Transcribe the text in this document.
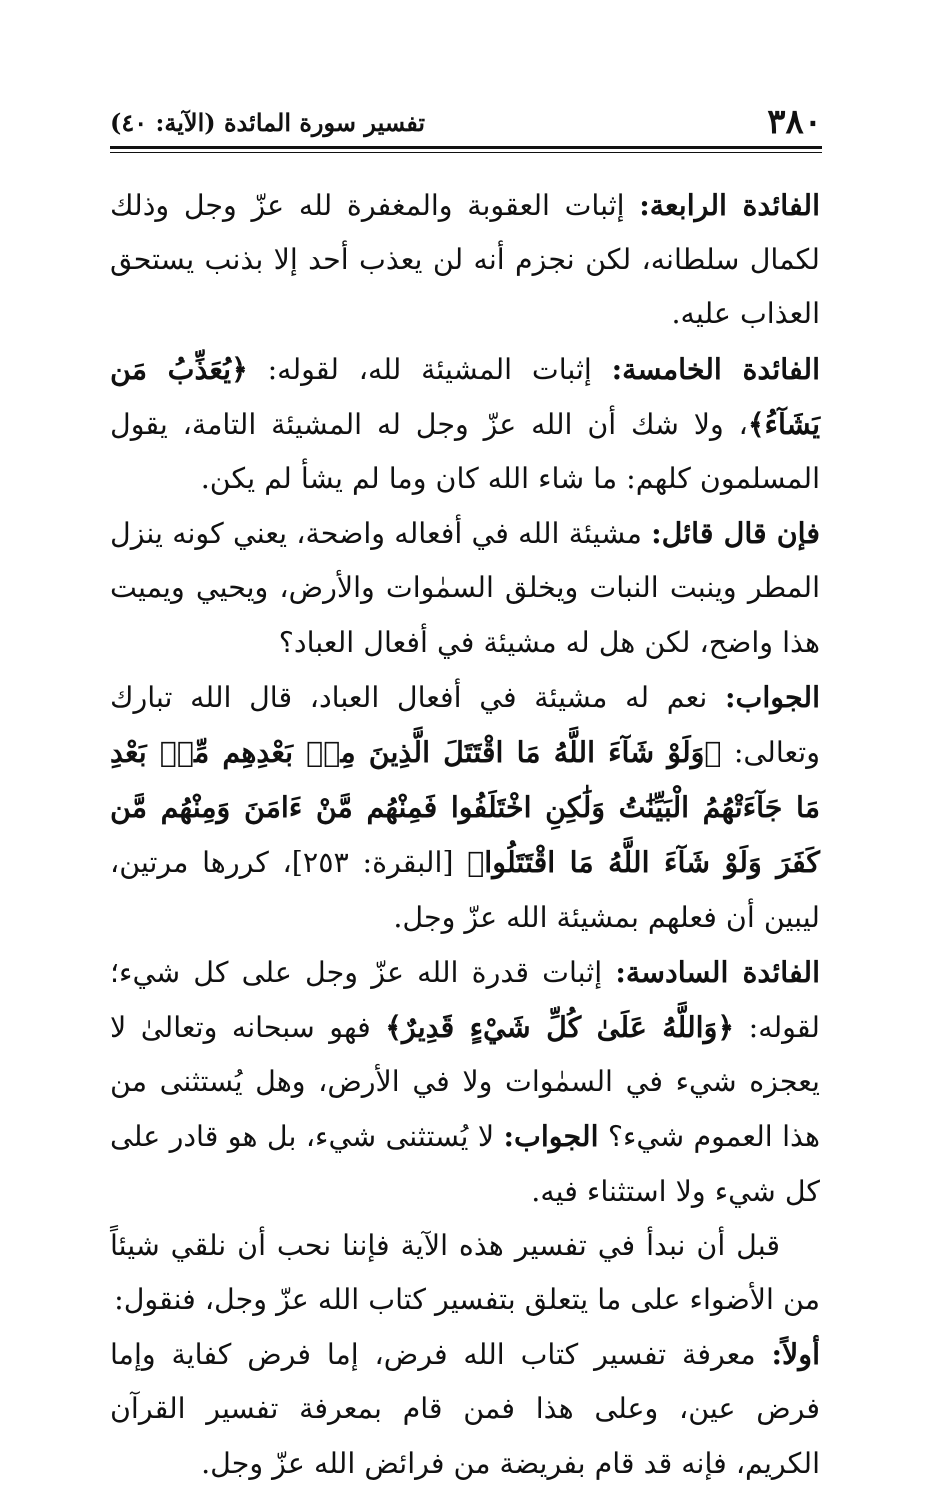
٣٨٠
تفسير سورة المائدة (الآية: ٤٠)

الفائدة الرابعة: إثبات العقوبة والمغفرة لله عزّ وجل وذلك لكمال سلطانه، لكن نجزم أنه لن يعذب أحد إلا بذنب يستحق العذاب عليه.

الفائدة الخامسة: إثبات المشيئة لله، لقوله: ﴿يُعَذِّبُ مَن يَشَآءُ﴾، ولا شك أن الله عزّ وجل له المشيئة التامة، يقول المسلمون كلهم: ما شاء الله كان وما لم يشأ لم يكن.

فإن قال قائل: مشيئة الله في أفعاله واضحة، يعني كونه ينزل المطر وينبت النبات ويخلق السمٰوات والأرض، ويحيي ويميت هذا واضح، لكن هل له مشيئة في أفعال العباد؟

الجواب: نعم له مشيئة في أفعال العباد، قال الله تبارك وتعالى: ﴿وَلَوْ شَآءَ اللَّهُ مَا اقْتَتَلَ الَّذِينَ مِنۢ بَعْدِهِم مِّنۢ بَعْدِ مَا جَآءَتْهُمُ الْبَيِّنَٰتُ وَلَٰكِنِ اخْتَلَفُوا فَمِنْهُم مَّنْ ءَامَنَ وَمِنْهُم مَّن كَفَرَ وَلَوْ شَآءَ اللَّهُ مَا اقْتَتَلُوا﴾ [البقرة: ٢٥٣]، كررها مرتين، ليبين أن فعلهم بمشيئة الله عزّ وجل.

الفائدة السادسة: إثبات قدرة الله عزّ وجل على كل شيء؛ لقوله: ﴿وَاللَّهُ عَلَىٰ كُلِّ شَيْءٍ قَدِيرٌ﴾ فهو سبحانه وتعالىٰ لا يعجزه شيء في السمٰوات ولا في الأرض، وهل يُستثنى من هذا العموم شيء؟ الجواب: لا يُستثنى شيء، بل هو قادر على كل شيء ولا استثناء فيه.

قبل أن نبدأ في تفسير هذه الآية فإننا نحب أن نلقي شيئاً من الأضواء على ما يتعلق بتفسير كتاب الله عزّ وجل، فنقول:

أولاً: معرفة تفسير كتاب الله فرض، إما فرض كفاية وإما فرض عين، وعلى هذا فمن قام بمعرفة تفسير القرآن الكريم، فإنه قد قام بفريضة من فرائض الله عزّ وجل.
